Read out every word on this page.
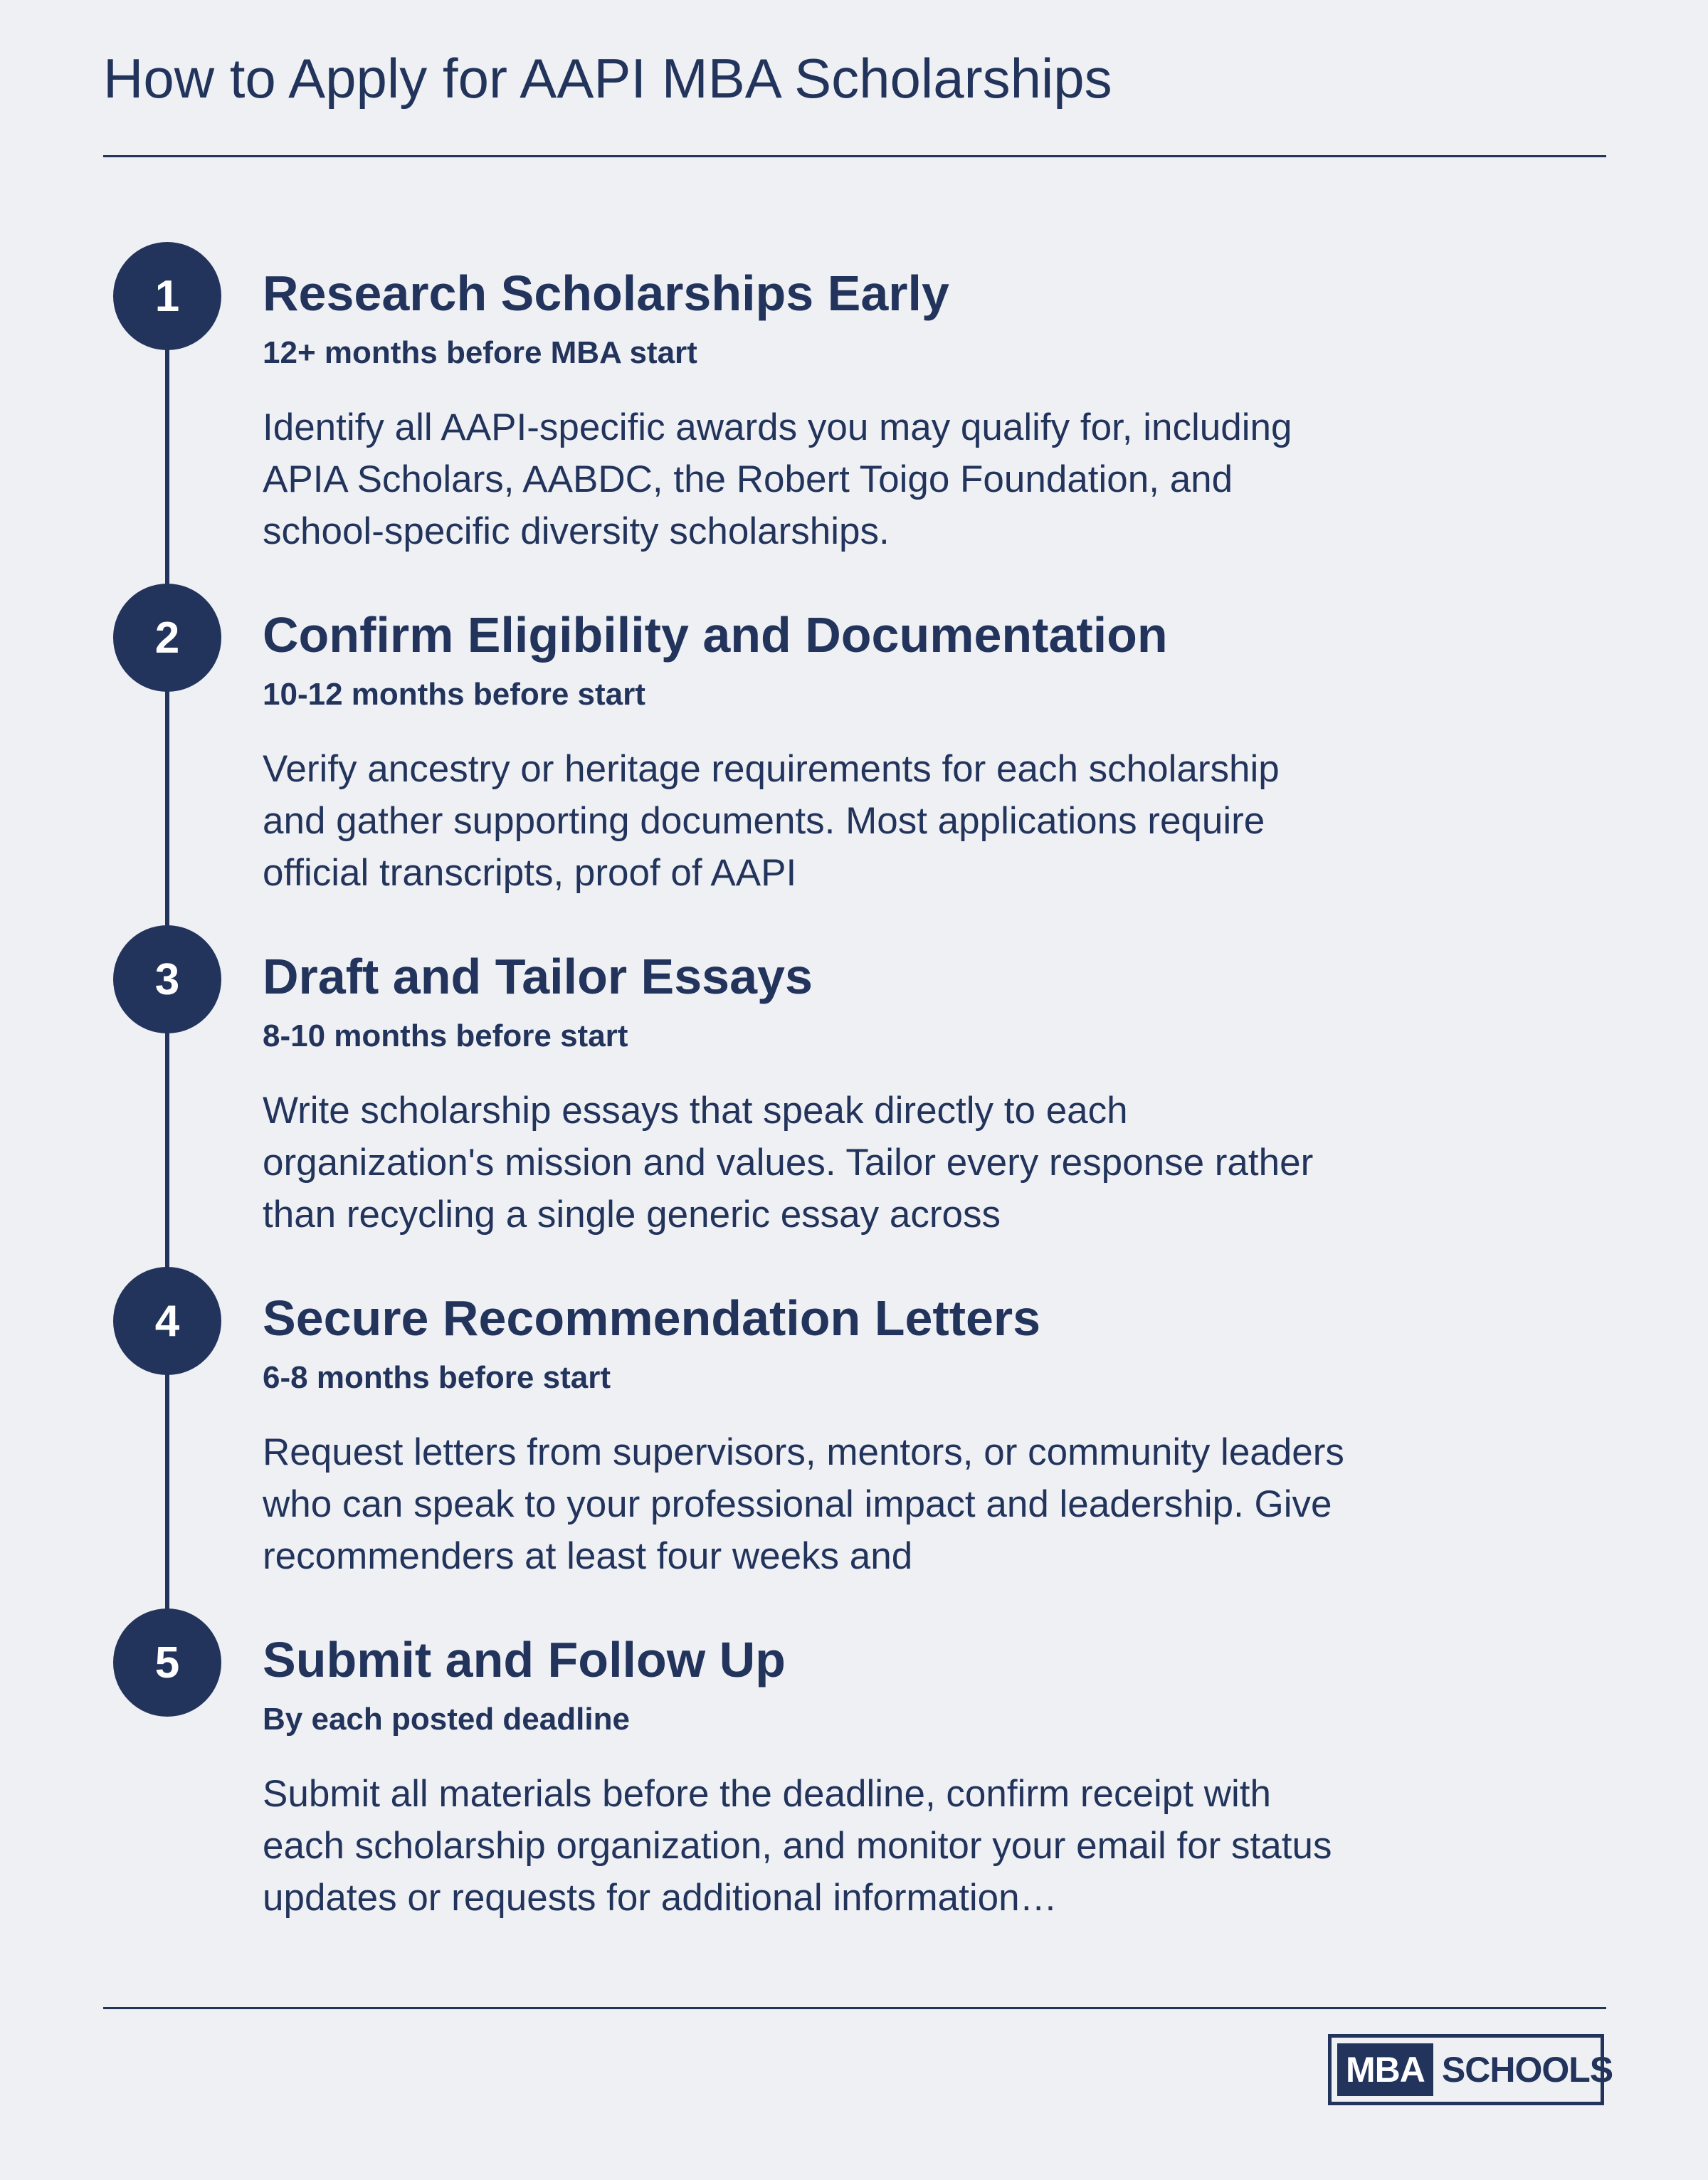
How to Apply for AAPI MBA Scholarships
1	Research Scholarships Early
12+ months before MBA start
Identify all AAPI-specific awards you may qualify for, including APIA Scholars, AABDC, the Robert Toigo Foundation, and school-specific diversity scholarships.
2	Confirm Eligibility and Documentation
10-12 months before start
Verify ancestry or heritage requirements for each scholarship and gather supporting documents. Most applications require official transcripts, proof of AAPI
3	Draft and Tailor Essays
8-10 months before start
Write scholarship essays that speak directly to each organization's mission and values. Tailor every response rather than recycling a single generic essay across
4	Secure Recommendation Letters
6-8 months before start
Request letters from supervisors, mentors, or community leaders who can speak to your professional impact and leadership. Give recommenders at least four weeks and
5	Submit and Follow Up
By each posted deadline
Submit all materials before the deadline, confirm receipt with each scholarship organization, and monitor your email for status updates or requests for additional information…
MBA SCHOOLS
